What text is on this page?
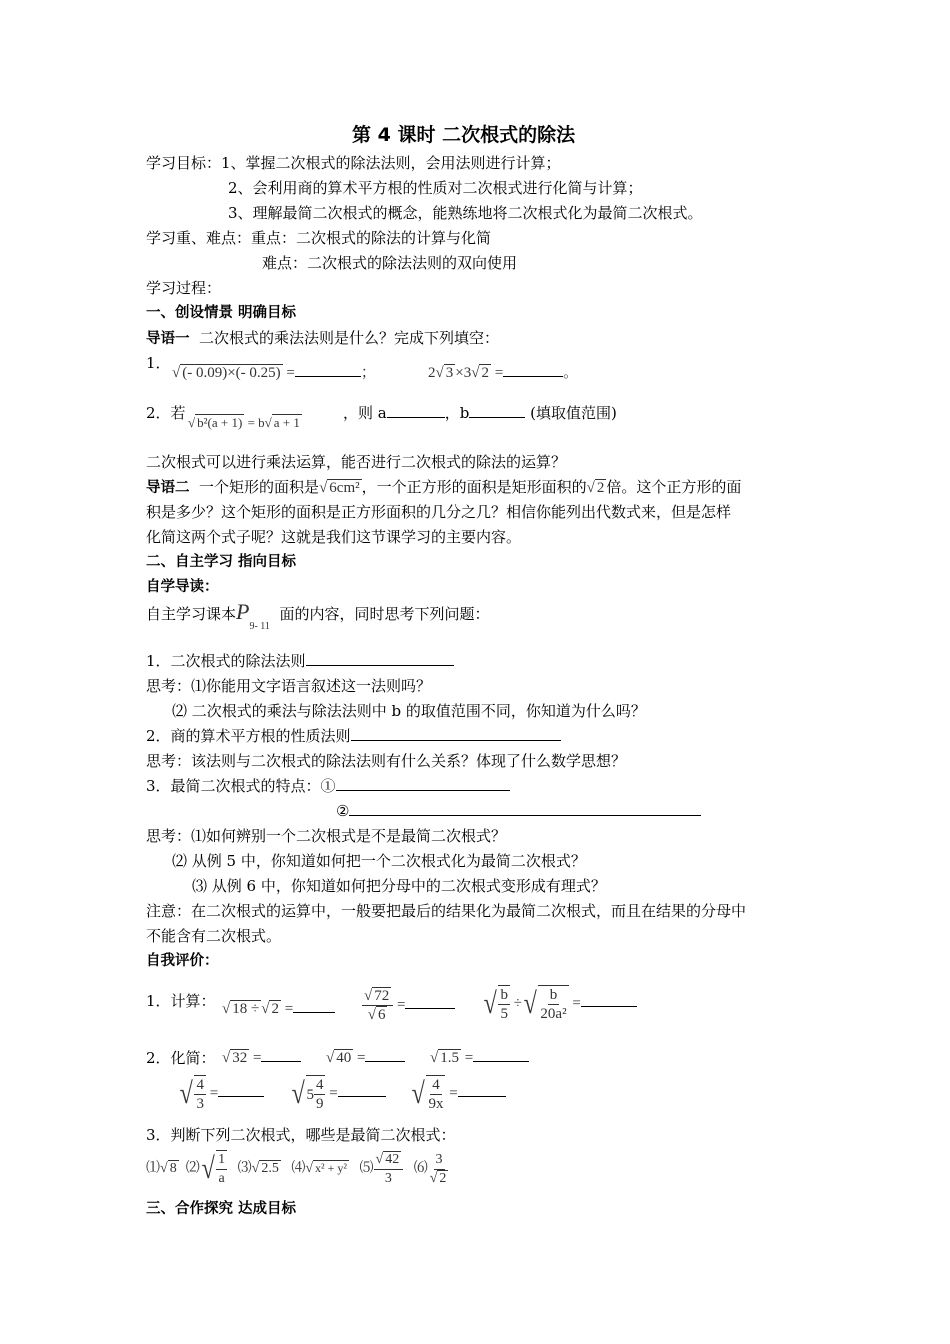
第 4 课时 二次根式的除法
学习目标：1、掌握二次根式的除法法则，会用法则进行计算；
2、会利用商的算术平方根的性质对二次根式进行化简与计算；
3、理解最简二次根式的概念，能熟练地将二次根式化为最简二次根式。
学习重、难点：重点：二次根式的除法的计算与化简
难点：二次根式的除法法则的双向使用
学习过程：
一、创设情景 明确目标
导语一 二次根式的乘法法则是什么？完成下列填空：
1．
√ (- 0.09)×(- 0.25) =	；	2√ 3 ×3√ 2 =	。
2．若
√ b²(a + 1) = b√ a + 1
，则 a	，b	(填取值范围)
二次根式可以进行乘法运算，能否进行二次根式的除法的运算？
导语二 一个矩形的面积是√ 6cm² ，一个正方形的面积是矩形面积的√ 2 倍。这个正方形的面
积是多少？这个矩形的面积是正方形面积的几分之几？相信你能列出代数式来，但是怎样
化简这两个式子呢？这就是我们这节课学习的主要内容。
二、自主学习 指向目标
自学导读：
自主学习课本$P_{9- 11}$  面的内容，同时思考下列问题：
1．二次根式的除法法则
思考：⑴你能用文字语言叙述这一法则吗？
⑵ 二次根式的乘法与除法法则中 b 的取值范围不同，你知道为什么吗？
2．商的算术平方根的性质法则
思考：该法则与二次根式的除法法则有什么关系？体现了什么数学思想？
3．最简二次根式的特点：①
②
思考：⑴如何辨别一个二次根式是不是最简二次根式？
⑵ 从例 5 中，你知道如何把一个二次根式化为最简二次根式？
⑶ 从例 6 中，你知道如何把分母中的二次根式变形成有理式？
注意：在二次根式的运算中，一般要把最后的结果化为最简二次根式，而且在结果的分母中
不能含有二次根式。
自我评价：
1．计算： √ 18 ÷ √ 2 =	$\frac{√ 72}{√ 6}$ =	√ $\frac{b}{5}$ ÷ √ $\frac{b}{\text{20a²}}$ =
2．化简： √ 32 =	√ 40 =	√ 1.5 =
√ $\frac{4}{3}$ =	√ $5 \frac{4}{9}$ =	√ $\frac{4}{9x}$ =
3．判断下列二次根式，哪些是最简二次根式：
⑴√ 8 ⑵ √ $\frac{1}{a}$ ⑶√ 2.5 ⑷√ x² + y² ⑸ $\frac{√ 42}{3}$ ⑹ $\frac{3}{√ 2}$
三、合作探究 达成目标
